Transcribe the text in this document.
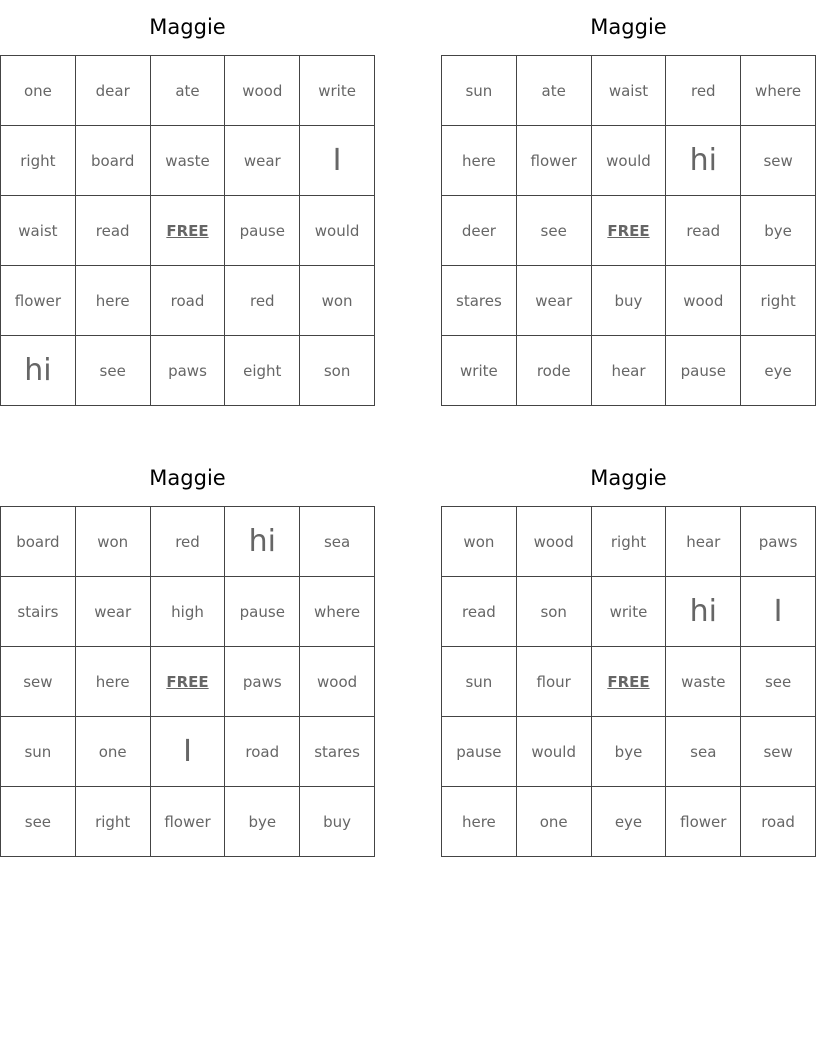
Maggie
one	dear	ate	wood	write
right	board	waste	wear	I
waist	read	FREE	pause	would
flower	here	road	red	won
hi	see	paws	eight	son
Maggie
sun	ate	waist	red	where
here	flower	would	hi	sew
deer	see	FREE	read	bye
stares	wear	buy	wood	right
write	rode	hear	pause	eye
Maggie
board	won	red	hi	sea
stairs	wear	high	pause	where
sew	here	FREE	paws	wood
sun	one	I	road	stares
see	right	flower	bye	buy
Maggie
won	wood	right	hear	paws
read	son	write	hi	I
sun	flour	FREE	waste	see
pause	would	bye	sea	sew
here	one	eye	flower	road
